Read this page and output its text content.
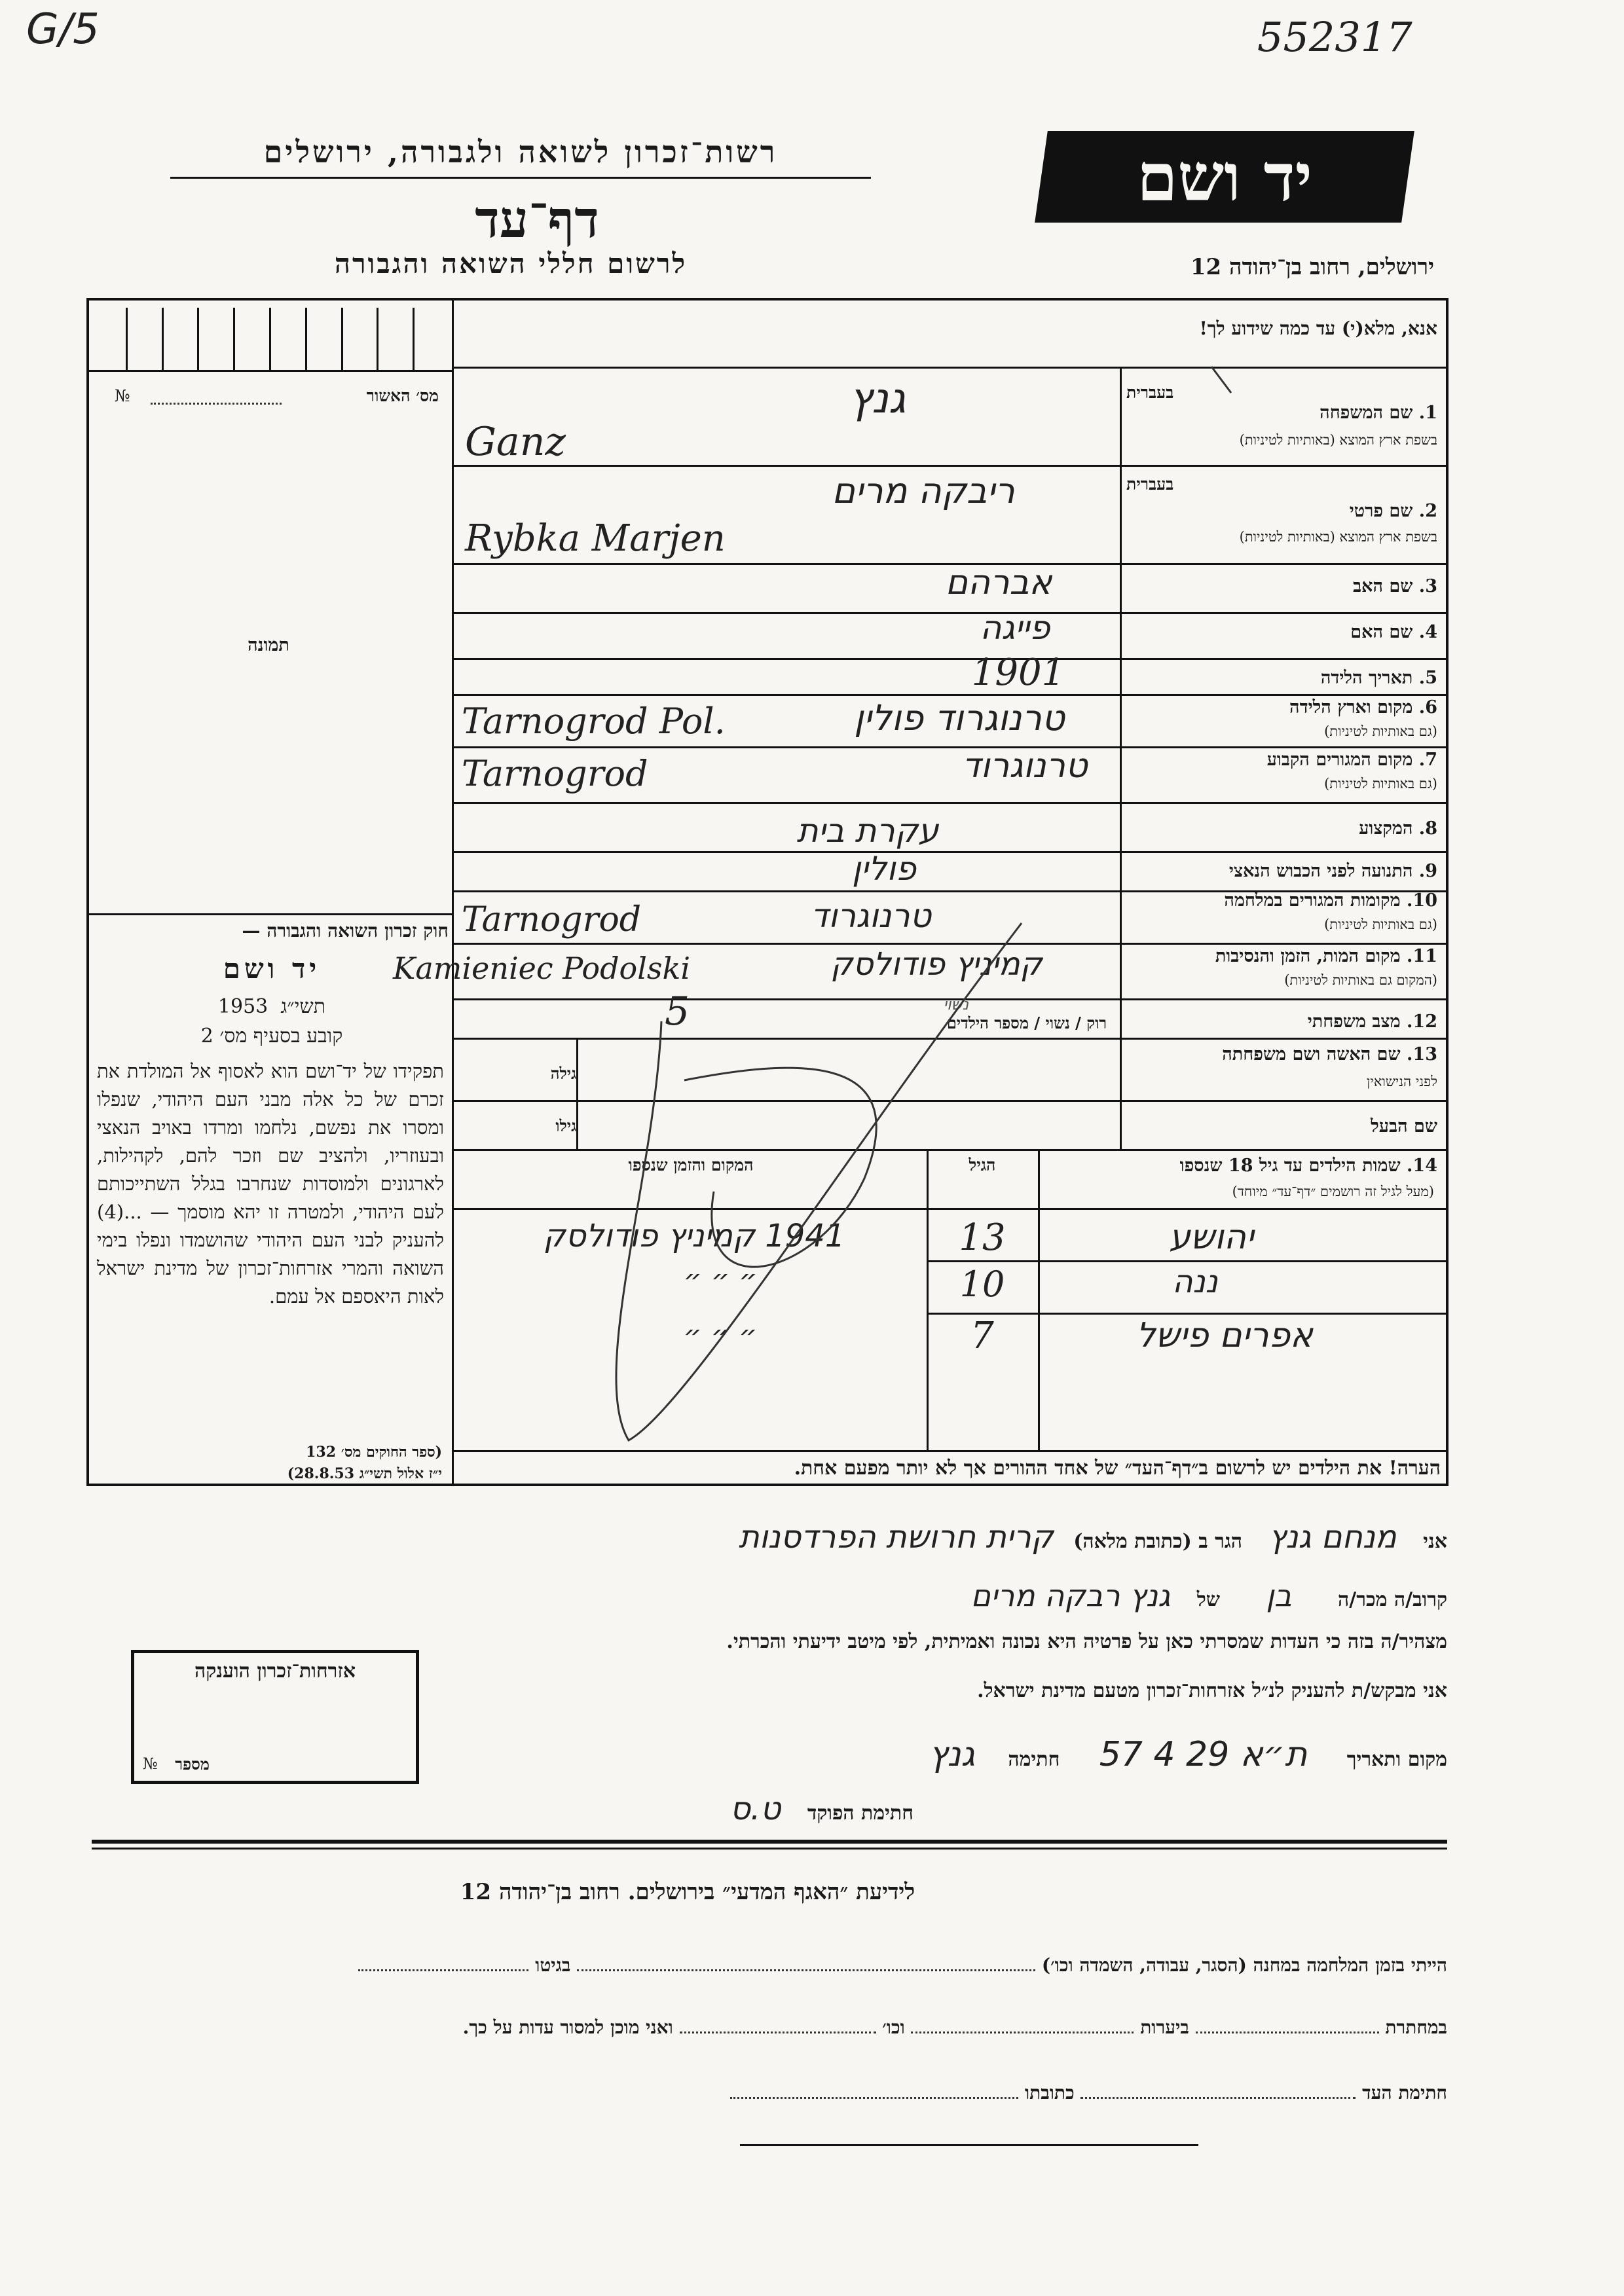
G/5	552317
רשות־זכרון לשואה ולגבורה, ירושלים
דף־עד
לרשום חללי השואה והגבורה
יד ושם
ירושלים, רחוב בן־יהודה 12
מס׳ האשור
№
תמונה
חוק זכרון השואה והגבורה —
יד ושם
1953 תשי״ג
קובע בסעיף מס׳ 2
תפקידו של יד־ושם הוא לאסוף אל המולדת את זכרם של כל אלה מבני העם היהודי, שנפלו ומסרו את נפשם, נלחמו ומרדו באויב הנאצי ובעוזריו, ולהציב שם וזכר להם, לקהילות, לארגונים ולמוסדות שנחרבו בגלל השתייכותם לעם היהודי, ולמטרה זו יהא מוסמך — ...(4) להעניק לבני העם היהודי שהושמדו ונפלו בימי השואה והמרי אזרחות־זכרון של מדינת ישראל לאות היאספם אל עמם.
(ספר החוקים מס׳ 132
י״ז אלול תשי״ג 28.8.53)
אנא, מלא(י) עד כמה שידוע לך!
1. שם המשפחה
בשפת ארץ המוצא (באותיות לטיניות)
בעברית
גנץ
Ganz
בעברית
2. שם פרטי
בשפת ארץ המוצא (באותיות לטיניות)
ריבקה מרים
Rybka Marjen
3. שם האב
אברהם
4. שם האם
פייגה
5. תאריך הלידה
1901
6. מקום וארץ הלידה
(גם באותיות לטיניות)
טרנוגרוד פולין
Tarnogrod Pol.
7. מקום המגורים הקבוע
(גם באותיות לטיניות)
טרנוגרוד
Tarnogrod
8. המקצוע
עקרת בית
9. התנועה לפני הכבוש הנאצי
פולין
10. מקומות המגורים במלחמה
(גם באותיות לטיניות)
טרנוגרוד
Tarnogrod
11. מקום המות, הזמן והנסיבות
(המקום גם באותיות לטיניות)
קמיניץ פודולסק
Kamieniec Podolski
12. מצב משפחתי
רוק / נשוי / מספר הילדים
5	נשוי
13. שם האשה ושם משפחתה
לפני הנישואין
גילה
שם הבעל
גילו
14. שמות הילדים עד גיל 18 שנספו
(מעל לגיל זה רושמים ״דף־עד״ מיוחד)
הגיל
המקום והזמן שנספו
יהושע
13
1941 קמיניץ פודולסק
ננה
10
״ ״ ״
אפרים פישל
7
״ ״ ״
הערה! את הילדים יש לרשום ב״דף־העד״ של אחד ההורים אך לא יותר מפעם אחת.
אני מנחם גנץ הגר ב (כתובת מלאה) קרית חרושת הפרדסנות
קרוב/ה מכר/ה בן של גנץ רבקה מרים
מצהיר/ה בזה כי העדות שמסרתי כאן על פרטיה היא נכונה ואמיתית, לפי מיטב ידיעתי והכרתי.
אני מבקש/ת להעניק לנ״ל אזרחות־זכרון מטעם מדינת ישראל.
מקום ותאריך ת״א 29 4 57 חתימה גנץ
חתימת הפוקד ט.ס
אזרחות־זכרון הוענקה
מספר
№
לידיעת ״האגף המדעי״ בירושלים. רחוב בן־יהודה 12
הייתי בזמן המלחמה במחנה (הסגר, עבודה, השמדה וכו׳)  בגיטו
במחתרת  ביערות  וכו׳  ואני מוכן למסור עדות על כך.
חתימת העד  כתובתו
